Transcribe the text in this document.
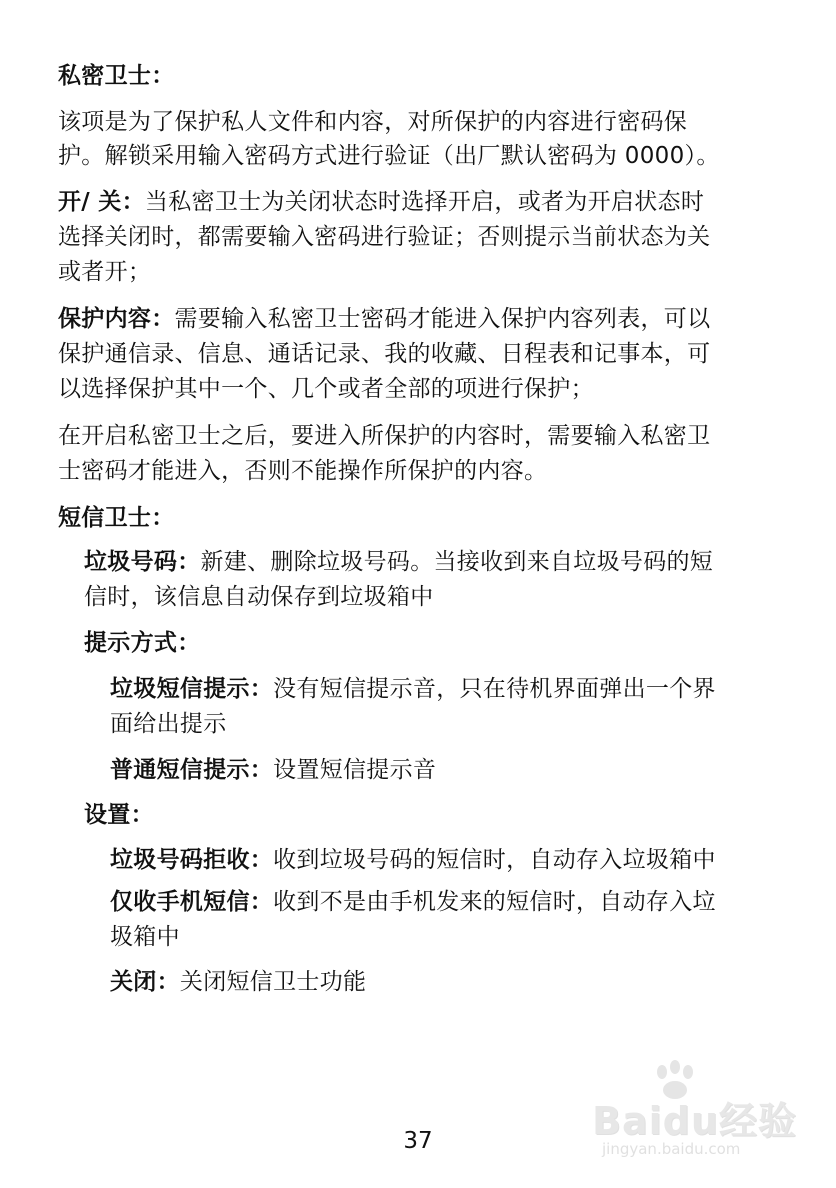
私密卫士：

该项是为了保护私人文件和内容，对所保护的内容进行密码保

护。解锁采用输入密码方式进行验证（出厂默认密码为 0000）。

开/ 关：当私密卫士为关闭状态时选择开启，或者为开启状态时

选择关闭时，都需要输入密码进行验证；否则提示当前状态为关

或者开；

保护内容：需要输入私密卫士密码才能进入保护内容列表，可以

保护通信录、信息、通话记录、我的收藏、日程表和记事本，可

以选择保护其中一个、几个或者全部的项进行保护；

在开启私密卫士之后，要进入所保护的内容时，需要输入私密卫

士密码才能进入，否则不能操作所保护的内容。

短信卫士：

垃圾号码：新建、删除垃圾号码。当接收到来自垃圾号码的短

信时，该信息自动保存到垃圾箱中

提示方式：

垃圾短信提示：没有短信提示音，只在待机界面弹出一个界

面给出提示

普通短信提示：设置短信提示音

设置：

垃圾号码拒收：收到垃圾号码的短信时，自动存入垃圾箱中

仅收手机短信：收到不是由手机发来的短信时，自动存入垃

圾箱中

关闭：关闭短信卫士功能

Baidu经验
jingyan.baidu.com
37
